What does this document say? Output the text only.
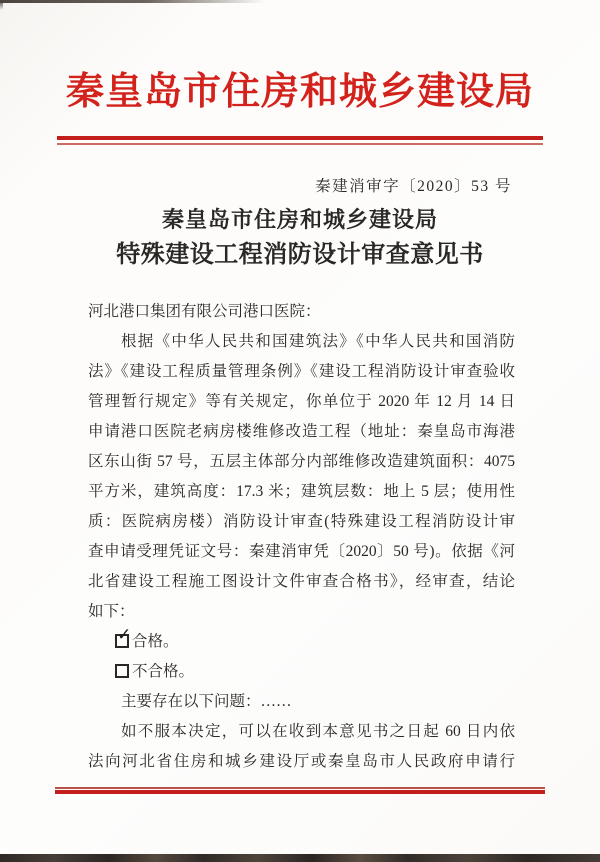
秦皇岛市住房和城乡建设局
秦建消审字〔2020〕53 号
秦皇岛市住房和城乡建设局
特殊建设工程消防设计审查意见书
河北港口集团有限公司港口医院：
根据《中华人民共和国建筑法》《中华人民共和国消防
法》《建设工程质量管理条例》《建设工程消防设计审查验收
管理暂行规定》等有关规定，你单位于 2020 年 12 月 14 日
申请港口医院老病房楼维修改造工程（地址：秦皇岛市海港
区东山街 57 号，五层主体部分内部维修改造建筑面积：4075
平方米，建筑高度：17.3 米；建筑层数：地上 5 层；使用性
质：医院病房楼）消防设计审查(特殊建设工程消防设计审
查申请受理凭证文号：秦建消审凭〔2020〕50 号)。依据《河
北省建设工程施工图设计文件审查合格书》，经审查，结论
如下：
✓ 合格。
不合格。
主要存在以下问题：……
如不服本决定，可以在收到本意见书之日起 60 日内依
法向河北省住房和城乡建设厅或秦皇岛市人民政府申请行
